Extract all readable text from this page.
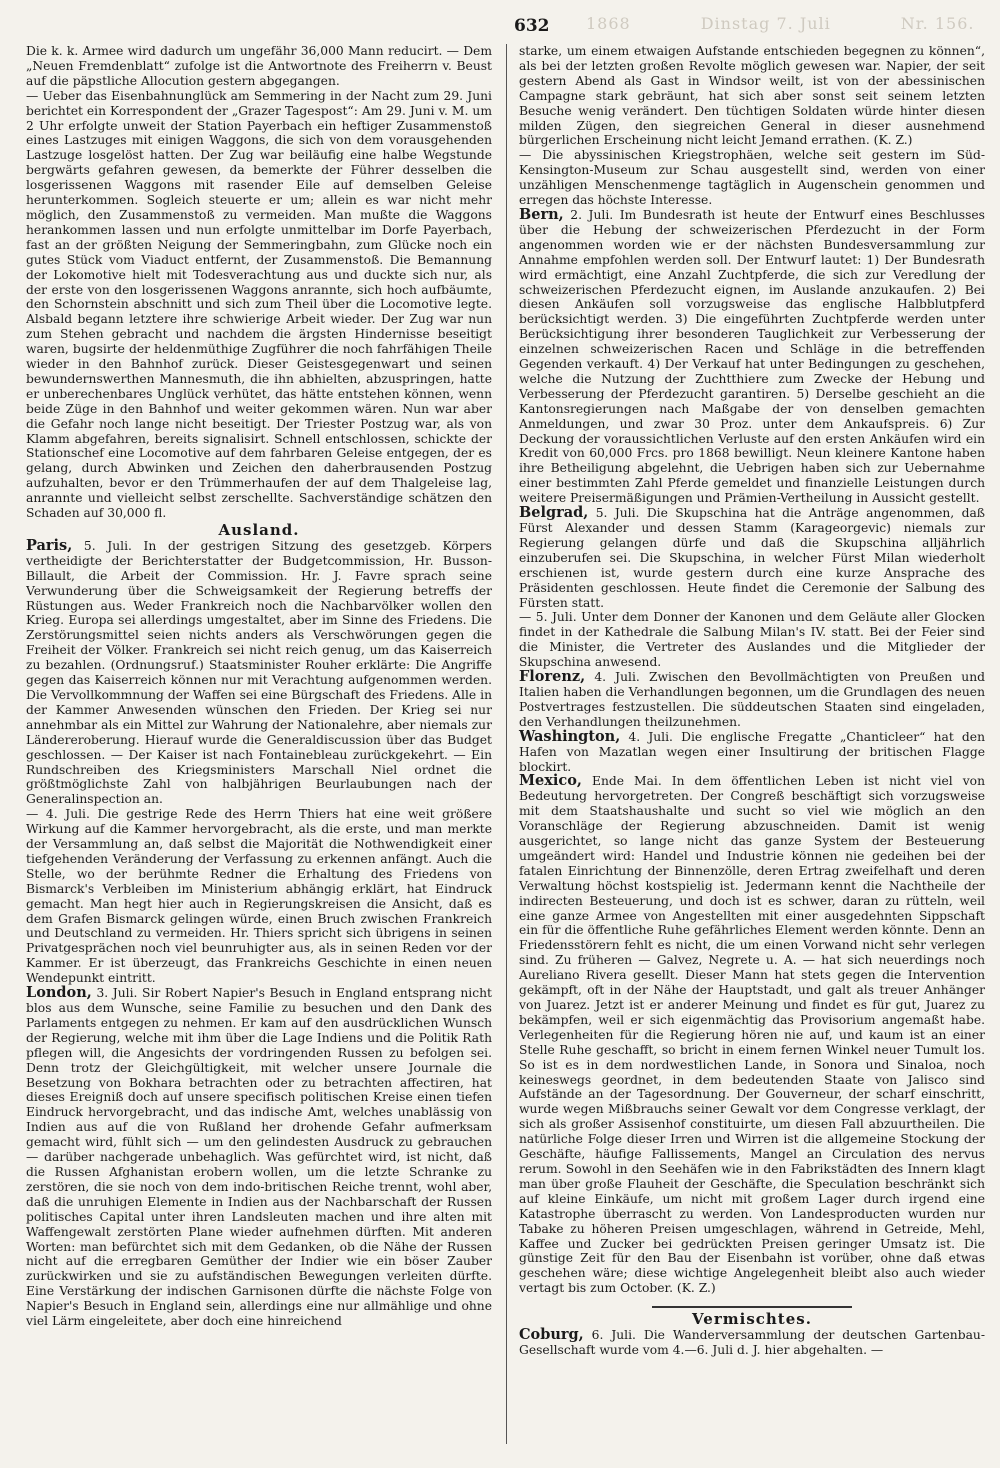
1868	Dinstag 7. Juli	Nr. 156.
632

Die k. k. Armee wird dadurch um ungefähr 36,000 Mann reducirt. — Dem „Neuen Fremdenblatt“ zufolge ist die Antwortnote des Freiherrn v. Beust auf die päpstliche Allocution gestern abgegangen.

— Ueber das Eisenbahnunglück am Semmering in der Nacht zum 29. Juni berichtet ein Korrespondent der „Grazer Tagespost“: Am 29. Juni v. M. um 2 Uhr erfolgte unweit der Station Payerbach ein heftiger Zusammenstoß eines Lastzuges mit einigen Waggons, die sich von dem vorausgehenden Lastzuge losgelöst hatten. Der Zug war beiläufig eine halbe Wegstunde bergwärts gefahren gewesen, da bemerkte der Führer desselben die losgerissenen Waggons mit rasender Eile auf demselben Geleise herunterkommen. Sogleich steuerte er um; allein es war nicht mehr möglich, den Zusammenstoß zu vermeiden. Man mußte die Waggons herankommen lassen und nun erfolgte unmittelbar im Dorfe Payerbach, fast an der größten Neigung der Semmeringbahn, zum Glücke noch ein gutes Stück vom Viaduct entfernt, der Zusammenstoß. Die Bemannung der Lokomotive hielt mit Todesverachtung aus und duckte sich nur, als der erste von den losgerissenen Waggons anrannte, sich hoch aufbäumte, den Schornstein abschnitt und sich zum Theil über die Locomotive legte. Alsbald begann letztere ihre schwierige Arbeit wieder. Der Zug war nun zum Stehen gebracht und nachdem die ärgsten Hindernisse beseitigt waren, bugsirte der heldenmüthige Zugführer die noch fahrfähigen Theile wieder in den Bahnhof zurück. Dieser Geistesgegenwart und seinen bewundernswerthen Mannesmuth, die ihn abhielten, abzuspringen, hatte er unberechenbares Unglück verhütet, das hätte entstehen können, wenn beide Züge in den Bahnhof und weiter gekommen wären. Nun war aber die Gefahr noch lange nicht beseitigt. Der Triester Postzug war, als von Klamm abgefahren, bereits signalisirt. Schnell entschlossen, schickte der Stationschef eine Locomotive auf dem fahrbaren Geleise entgegen, der es gelang, durch Abwinken und Zeichen den daherbrausenden Postzug aufzuhalten, bevor er den Trümmerhaufen der auf dem Thalgeleise lag, anrannte und vielleicht selbst zerschellte. Sachverständige schätzen den Schaden auf 30,000 fl.

Ausland.

Paris, 5. Juli. In der gestrigen Sitzung des gesetzgeb. Körpers vertheidigte der Berichterstatter der Budgetcommission, Hr. Busson-Billault, die Arbeit der Commission. Hr. J. Favre sprach seine Verwunderung über die Schweigsamkeit der Regierung betreffs der Rüstungen aus. Weder Frankreich noch die Nachbarvölker wollen den Krieg. Europa sei allerdings umgestaltet, aber im Sinne des Friedens. Die Zerstörungsmittel seien nichts anders als Verschwörungen gegen die Freiheit der Völker. Frankreich sei nicht reich genug, um das Kaiserreich zu bezahlen. (Ordnungsruf.) Staatsminister Rouher erklärte: Die Angriffe gegen das Kaiserreich können nur mit Verachtung aufgenommen werden. Die Vervollkommnung der Waffen sei eine Bürgschaft des Friedens. Alle in der Kammer Anwesenden wünschen den Frieden. Der Krieg sei nur annehmbar als ein Mittel zur Wahrung der Nationalehre, aber niemals zur Ländereroberung. Hierauf wurde die Generaldiscussion über das Budget geschlossen. — Der Kaiser ist nach Fontainebleau zurückgekehrt. — Ein Rundschreiben des Kriegsministers Marschall Niel ordnet die größtmöglichste Zahl von halbjährigen Beurlaubungen nach der Generalinspection an.

— 4. Juli. Die gestrige Rede des Herrn Thiers hat eine weit größere Wirkung auf die Kammer hervorgebracht, als die erste, und man merkte der Versammlung an, daß selbst die Majorität die Nothwendigkeit einer tiefgehenden Veränderung der Verfassung zu erkennen anfängt. Auch die Stelle, wo der berühmte Redner die Erhaltung des Friedens von Bismarck's Verbleiben im Ministerium abhängig erklärt, hat Eindruck gemacht. Man hegt hier auch in Regierungskreisen die Ansicht, daß es dem Grafen Bismarck gelingen würde, einen Bruch zwischen Frankreich und Deutschland zu vermeiden. Hr. Thiers spricht sich übrigens in seinen Privatgesprächen noch viel beunruhigter aus, als in seinen Reden vor der Kammer. Er ist überzeugt, das Frankreichs Geschichte in einen neuen Wendepunkt eintritt.

London, 3. Juli. Sir Robert Napier's Besuch in England entsprang nicht blos aus dem Wunsche, seine Familie zu besuchen und den Dank des Parlaments entgegen zu nehmen. Er kam auf den ausdrücklichen Wunsch der Regierung, welche mit ihm über die Lage Indiens und die Politik Rath pflegen will, die Angesichts der vordringenden Russen zu befolgen sei. Denn trotz der Gleichgültigkeit, mit welcher unsere Journale die Besetzung von Bokhara betrachten oder zu betrachten affectiren, hat dieses Ereigniß doch auf unsere specifisch politischen Kreise einen tiefen Eindruck hervorgebracht, und das indische Amt, welches unablässig von Indien aus auf die von Rußland her drohende Gefahr aufmerksam gemacht wird, fühlt sich — um den gelindesten Ausdruck zu gebrauchen — darüber nachgerade unbehaglich. Was gefürchtet wird, ist nicht, daß die Russen Afghanistan erobern wollen, um die letzte Schranke zu zerstören, die sie noch von dem indo-britischen Reiche trennt, wohl aber, daß die unruhigen Elemente in Indien aus der Nachbarschaft der Russen politisches Capital unter ihren Landsleuten machen und ihre alten mit Waffengewalt zerstörten Plane wieder aufnehmen dürften. Mit anderen Worten: man befürchtet sich mit dem Gedanken, ob die Nähe der Russen nicht auf die erregbaren Gemüther der Indier wie ein böser Zauber zurückwirken und sie zu aufständischen Bewegungen verleiten dürfte. Eine Verstärkung der indischen Garnisonen dürfte die nächste Folge von Napier's Besuch in England sein, allerdings eine nur allmählige und ohne viel Lärm eingeleitete, aber doch eine hinreichend

starke, um einem etwaigen Aufstande entschieden begegnen zu können“, als bei der letzten großen Revolte möglich gewesen war. Napier, der seit gestern Abend als Gast in Windsor weilt, ist von der abessinischen Campagne stark gebräunt, hat sich aber sonst seit seinem letzten Besuche wenig verändert. Den tüchtigen Soldaten würde hinter diesen milden Zügen, den siegreichen General in dieser ausnehmend bürgerlichen Erscheinung nicht leicht Jemand errathen. (K. Z.)

— Die abyssinischen Kriegstrophäen, welche seit gestern im Süd-Kensington-Museum zur Schau ausgestellt sind, werden von einer unzähligen Menschenmenge tagtäglich in Augenschein genommen und erregen das höchste Interesse.

Bern, 2. Juli. Im Bundesrath ist heute der Entwurf eines Beschlusses über die Hebung der schweizerischen Pferdezucht in der Form angenommen worden wie er der nächsten Bundesversammlung zur Annahme empfohlen werden soll. Der Entwurf lautet: 1) Der Bundesrath wird ermächtigt, eine Anzahl Zuchtpferde, die sich zur Veredlung der schweizerischen Pferdezucht eignen, im Auslande anzukaufen. 2) Bei diesen Ankäufen soll vorzugsweise das englische Halbblutpferd berücksichtigt werden. 3) Die eingeführten Zuchtpferde werden unter Berücksichtigung ihrer besonderen Tauglichkeit zur Verbesserung der einzelnen schweizerischen Racen und Schläge in die betreffenden Gegenden verkauft. 4) Der Verkauf hat unter Bedingungen zu geschehen, welche die Nutzung der Zuchtthiere zum Zwecke der Hebung und Verbesserung der Pferdezucht garantiren. 5) Derselbe geschieht an die Kantonsregierungen nach Maßgabe der von denselben gemachten Anmeldungen, und zwar 30 Proz. unter dem Ankaufspreis. 6) Zur Deckung der voraussichtlichen Verluste auf den ersten Ankäufen wird ein Kredit von 60,000 Frcs. pro 1868 bewilligt. Neun kleinere Kantone haben ihre Betheiligung abgelehnt, die Uebrigen haben sich zur Uebernahme einer bestimmten Zahl Pferde gemeldet und finanzielle Leistungen durch weitere Preisermäßigungen und Prämien-Vertheilung in Aussicht gestellt.

Belgrad, 5. Juli. Die Skupschina hat die Anträge angenommen, daß Fürst Alexander und dessen Stamm (Karageorgevic) niemals zur Regierung gelangen dürfe und daß die Skupschina alljährlich einzuberufen sei. Die Skupschina, in welcher Fürst Milan wiederholt erschienen ist, wurde gestern durch eine kurze Ansprache des Präsidenten geschlossen. Heute findet die Ceremonie der Salbung des Fürsten statt.

— 5. Juli. Unter dem Donner der Kanonen und dem Geläute aller Glocken findet in der Kathedrale die Salbung Milan's IV. statt. Bei der Feier sind die Minister, die Vertreter des Auslandes und die Mitglieder der Skupschina anwesend.

Florenz, 4. Juli. Zwischen den Bevollmächtigten von Preußen und Italien haben die Verhandlungen begonnen, um die Grundlagen des neuen Postvertrages festzustellen. Die süddeutschen Staaten sind eingeladen, den Verhandlungen theilzunehmen.

Washington, 4. Juli. Die englische Fregatte „Chanticleer“ hat den Hafen von Mazatlan wegen einer Insultirung der britischen Flagge blockirt.

Mexico, Ende Mai. In dem öffentlichen Leben ist nicht viel von Bedeutung hervorgetreten. Der Congreß beschäftigt sich vorzugsweise mit dem Staatshaushalte und sucht so viel wie möglich an den Voranschläge der Regierung abzuschneiden. Damit ist wenig ausgerichtet, so lange nicht das ganze System der Besteuerung umgeändert wird: Handel und Industrie können nie gedeihen bei der fatalen Einrichtung der Binnenzölle, deren Ertrag zweifelhaft und deren Verwaltung höchst kostspielig ist. Jedermann kennt die Nachtheile der indirecten Besteuerung, und doch ist es schwer, daran zu rütteln, weil eine ganze Armee von Angestellten mit einer ausgedehnten Sippschaft ein für die öffentliche Ruhe gefährliches Element werden könnte. Denn an Friedensstörern fehlt es nicht, die um einen Vorwand nicht sehr verlegen sind. Zu früheren — Galvez, Negrete u. A. — hat sich neuerdings noch Aureliano Rivera gesellt. Dieser Mann hat stets gegen die Intervention gekämpft, oft in der Nähe der Hauptstadt, und galt als treuer Anhänger von Juarez. Jetzt ist er anderer Meinung und findet es für gut, Juarez zu bekämpfen, weil er sich eigenmächtig das Provisorium angemaßt habe. Verlegenheiten für die Regierung hören nie auf, und kaum ist an einer Stelle Ruhe geschafft, so bricht in einem fernen Winkel neuer Tumult los. So ist es in dem nordwestlichen Lande, in Sonora und Sinaloa, noch keineswegs geordnet, in dem bedeutenden Staate von Jalisco sind Aufstände an der Tagesordnung. Der Gouverneur, der scharf einschritt, wurde wegen Mißbrauchs seiner Gewalt vor dem Congresse verklagt, der sich als großer Assisenhof constituirte, um diesen Fall abzuurtheilen. Die natürliche Folge dieser Irren und Wirren ist die allgemeine Stockung der Geschäfte, häufige Fallissements, Mangel an Circulation des nervus rerum. Sowohl in den Seehäfen wie in den Fabrikstädten des Innern klagt man über große Flauheit der Geschäfte, die Speculation beschränkt sich auf kleine Einkäufe, um nicht mit großem Lager durch irgend eine Katastrophe überrascht zu werden. Von Landesproducten wurden nur Tabake zu höheren Preisen umgeschlagen, während in Getreide, Mehl, Kaffee und Zucker bei gedrückten Preisen geringer Umsatz ist. Die günstige Zeit für den Bau der Eisenbahn ist vorüber, ohne daß etwas geschehen wäre; diese wichtige Angelegenheit bleibt also auch wieder vertagt bis zum October. (K. Z.)

Vermischtes.

Coburg, 6. Juli. Die Wanderversammlung der deutschen Gartenbau-Gesellschaft wurde vom 4.—6. Juli d. J. hier abgehalten. —
